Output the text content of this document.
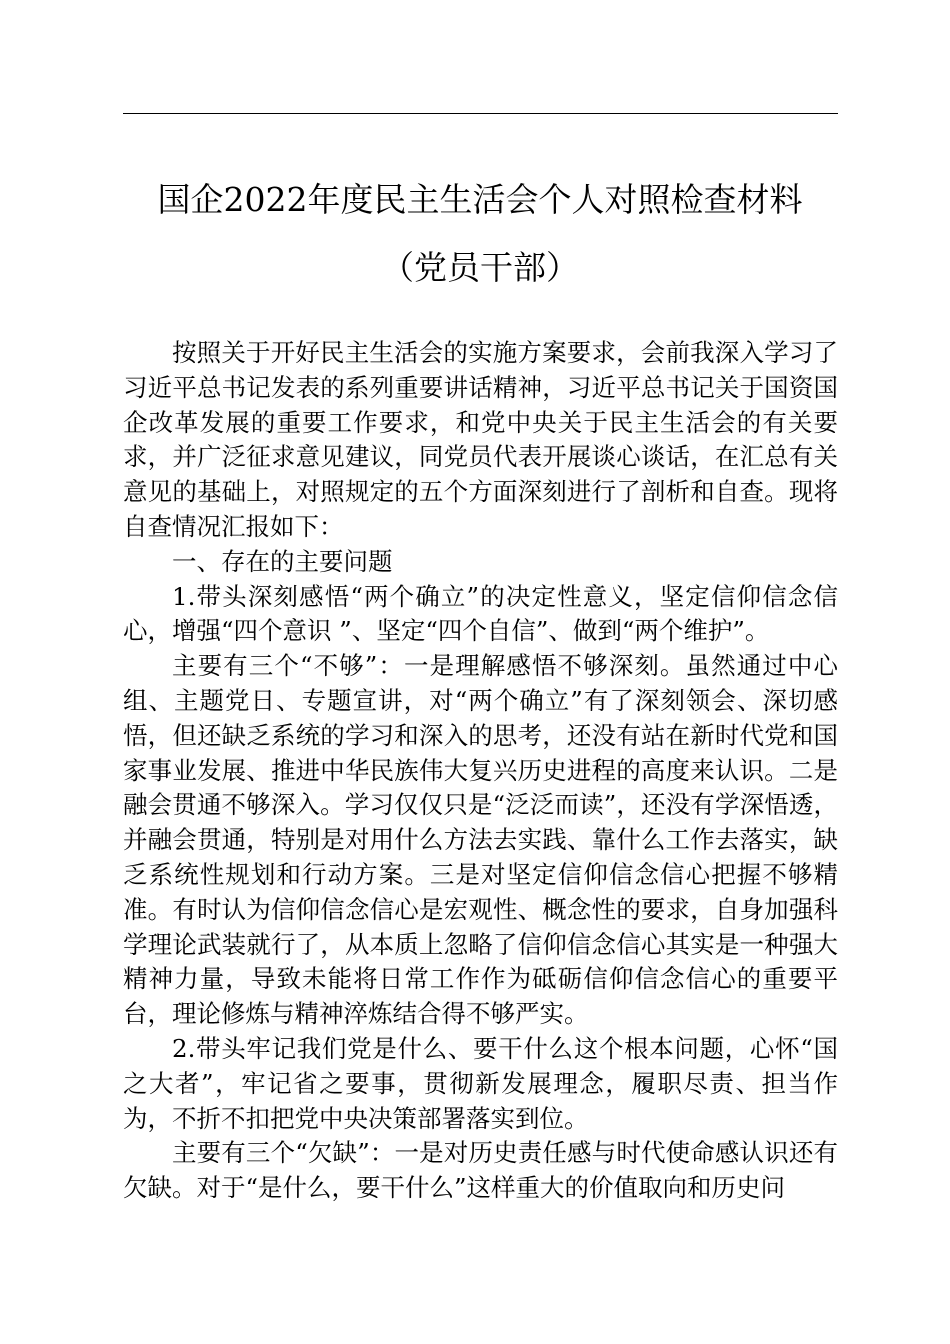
国企2022年度民主生活会个人对照检查材料
（党员干部）

按照关于开好民主生活会的实施方案要求，会前我深入学习了习近平总书记发表的系列重要讲话精神，习近平总书记关于国资国企改革发展的重要工作要求，和党中央关于民主生活会的有关要求，并广泛征求意见建议，同党员代表开展谈心谈话，在汇总有关意见的基础上，对照规定的五个方面深刻进行了剖析和自查。现将自查情况汇报如下：

一、存在的主要问题

1.带头深刻感悟“两个确立”的决定性意义，坚定信仰信念信心，增强“四个意识 ”、坚定“四个自信”、做到“两个维护”。

主要有三个“不够”：一是理解感悟不够深刻。虽然通过中心组、主题党日、专题宣讲，对“两个确立”有了深刻领会、深切感悟，但还缺乏系统的学习和深入的思考，还没有站在新时代党和国家事业发展、推进中华民族伟大复兴历史进程的高度来认识。二是融会贯通不够深入。学习仅仅只是“泛泛而读”，还没有学深悟透，并融会贯通，特别是对用什么方法去实践、靠什么工作去落实，缺乏系统性规划和行动方案。三是对坚定信仰信念信心把握不够精准。有时认为信仰信念信心是宏观性、概念性的要求，自身加强科学理论武装就行了，从本质上忽略了信仰信念信心其实是一种强大精神力量，导致未能将日常工作作为砥砺信仰信念信心的重要平台，理论修炼与精神淬炼结合得不够严实。

2.带头牢记我们党是什么、要干什么这个根本问题，心怀“国之大者”，牢记省之要事，贯彻新发展理念，履职尽责、担当作为，不折不扣把党中央决策部署落实到位。

主要有三个“欠缺”：一是对历史责任感与时代使命感认识还有欠缺。对于“是什么，要干什么”这样重大的价值取向和历史问
